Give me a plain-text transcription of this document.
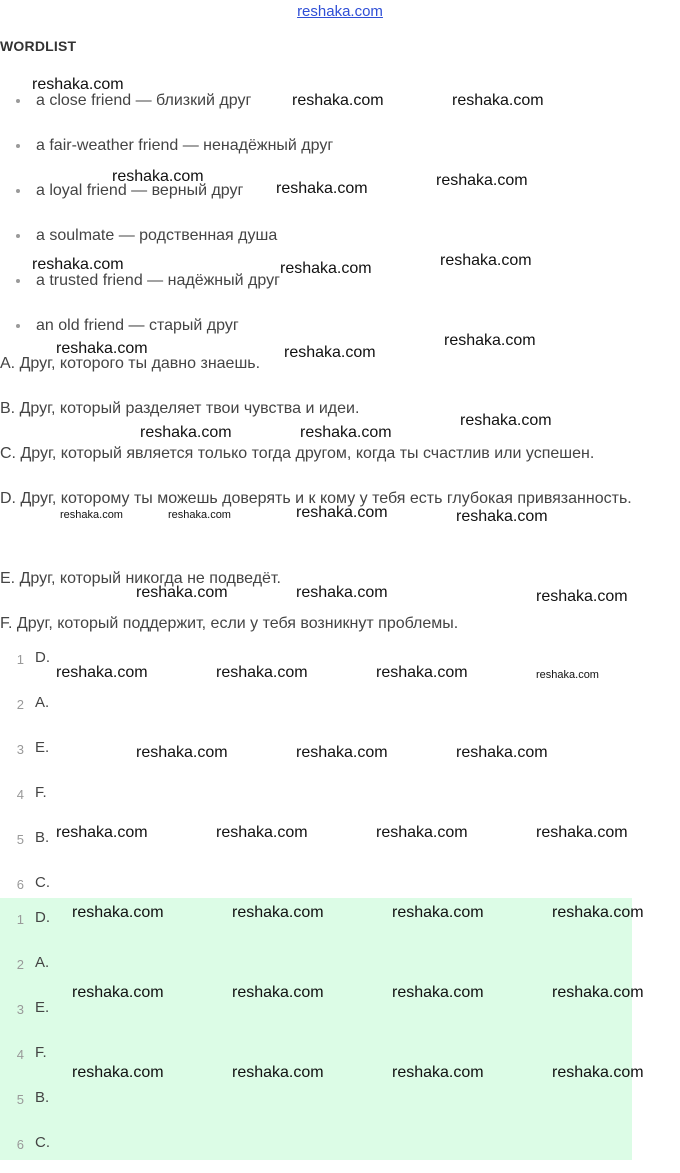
reshaka.com
WORDLIST
a close friend — близкий друг
a fair-weather friend — ненадёжный друг
a loyal friend — верный друг
a soulmate — родственная душа
a trusted friend — надёжный друг
an old friend — старый друг
A. Друг, которого ты давно знаешь.
B. Друг, который разделяет твои чувства и идеи.
C. Друг, который является только тогда другом, когда ты счастлив или успешен.
D. Друг, которому ты можешь доверять и к кому у тебя есть глубокая привязанность.
E. Друг, который никогда не подведёт.
F. Друг, который поддержит, если у тебя возникнут проблемы.
1 D.
2 A.
3 E.
4 F.
5 B.
6 C.
1 D.
2 A.
3 E.
4 F.
5 B.
6 C.
reshaka.com
reshaka.com	reshaka.com
reshaka.com
reshaka.com	reshaka.com
reshaka.com	reshaka.com	reshaka.com
reshaka.com	reshaka.com
reshaka.com
reshaka.com
reshaka.com	reshaka.com
reshaka.com	reshaka.com	reshaka.com	reshaka.com
reshaka.com	reshaka.com	reshaka.com
reshaka.com	reshaka.com	reshaka.com	reshaka.com
reshaka.com	reshaka.com	reshaka.com
reshaka.com	reshaka.com	reshaka.com	reshaka.com
reshaka.com	reshaka.com	reshaka.com	reshaka.com
reshaka.com	reshaka.com	reshaka.com	reshaka.com
reshaka.com	reshaka.com	reshaka.com	reshaka.com
